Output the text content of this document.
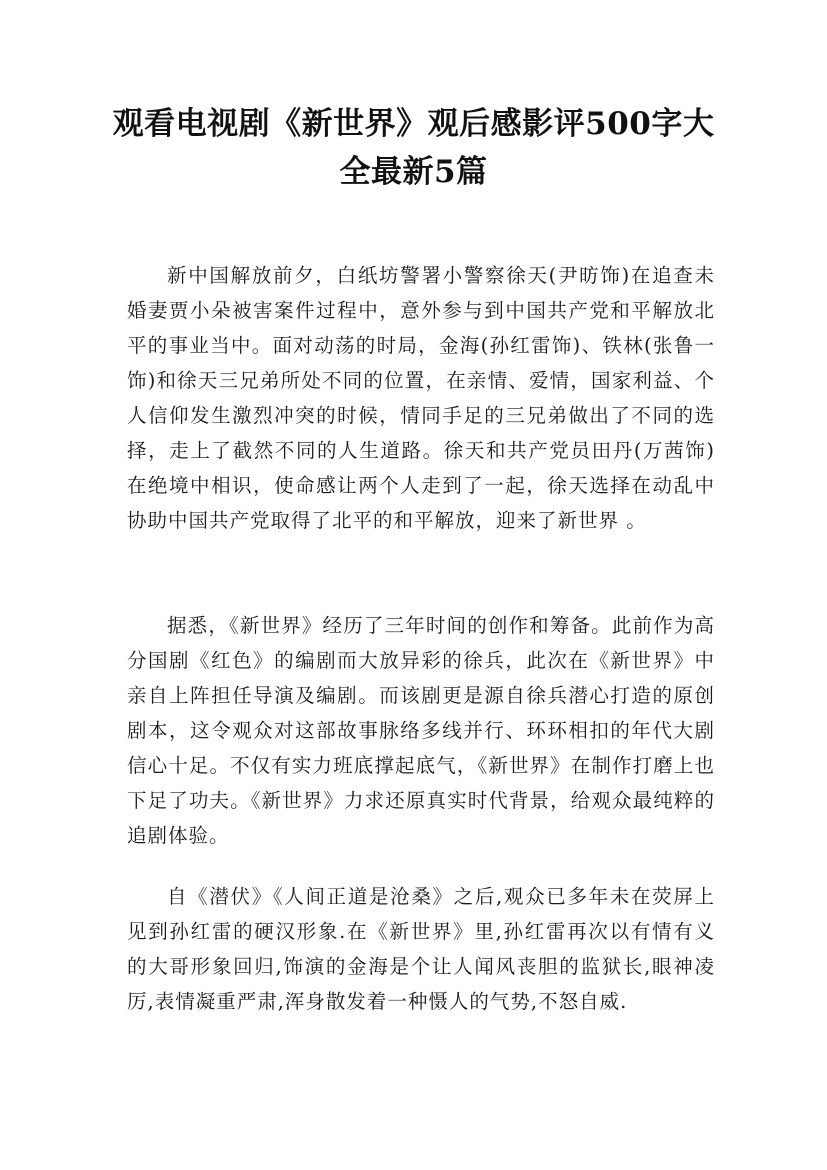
观看电视剧《新世界》观后感影评500字大全最新5篇

新中国解放前夕，白纸坊警署小警察徐天(尹昉饰)在追查未婚妻贾小朵被害案件过程中，意外参与到中国共产党和平解放北平的事业当中。面对动荡的时局，金海(孙红雷饰)、铁林(张鲁一饰)和徐天三兄弟所处不同的位置，在亲情、爱情，国家利益、个人信仰发生激烈冲突的时候，情同手足的三兄弟做出了不同的选择，走上了截然不同的人生道路。徐天和共产党员田丹(万茜饰)在绝境中相识，使命感让两个人走到了一起，徐天选择在动乱中协助中国共产党取得了北平的和平解放，迎来了新世界 。

据悉，《新世界》经历了三年时间的创作和筹备。此前作为高分国剧《红色》的编剧而大放异彩的徐兵，此次在《新世界》中亲自上阵担任导演及编剧。而该剧更是源自徐兵潜心打造的原创剧本，这令观众对这部故事脉络多线并行、环环相扣的年代大剧信心十足。不仅有实力班底撑起底气，《新世界》在制作打磨上也下足了功夫。《新世界》力求还原真实时代背景，给观众最纯粹的追剧体验。

自《潜伏》《人间正道是沧桑》之后,观众已多年未在荧屏上见到孙红雷的硬汉形象.在《新世界》里,孙红雷再次以有情有义的大哥形象回归,饰演的金海是个让人闻风丧胆的监狱长,眼神凌厉,表情凝重严肃,浑身散发着一种慑人的气势,不怒自威.
